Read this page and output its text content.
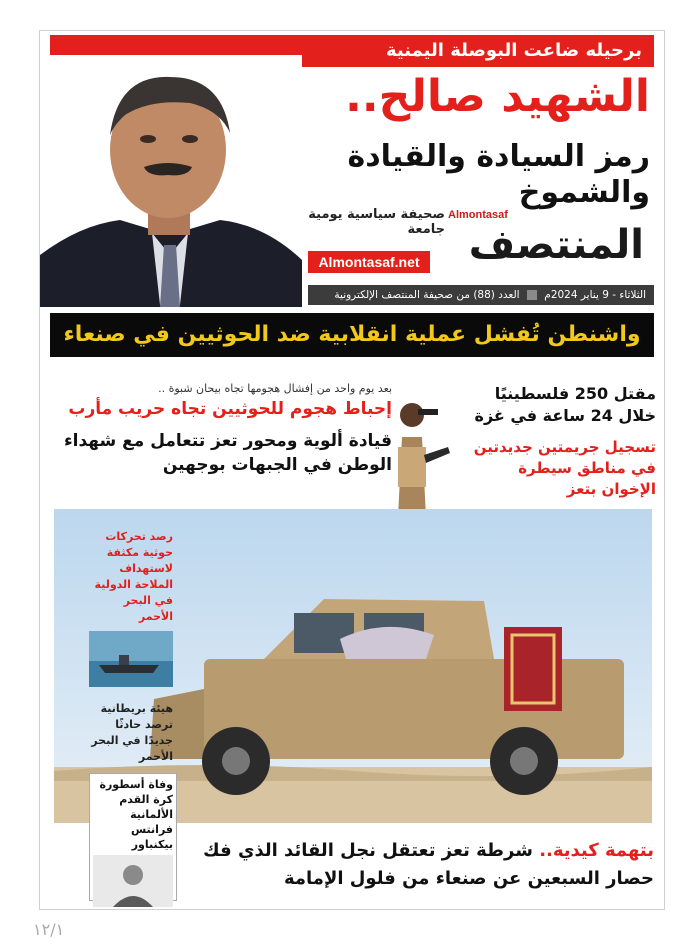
برحيله ضاعت البوصلة اليمنية
الشهيد صالح..
رمز السيادة والقيادة والشموخ
صحيفة سياسية يومية جامعة
Almontasaf
المنتصف
Almontasaf.net
الثلاثاء - 9 يناير 2024م  العدد (88) من صحيفة المنتصف الإلكترونية
واشنطن تُفشل عملية انقلابية ضد الحوثيين في صنعاء
بعد يوم واحد من إفشال هجومها تجاه بيحان شبوة ..
إحباط هجوم للحوثيين تجاه حريب مأرب
قيادة ألوية ومحور تعز تتعامل مع شهداء الوطن في الجبهات بوجهين
مقتل 250 فلسطينيًا خلال 24 ساعة في غزة
تسجيل جريمتين جديدتين في مناطق سيطرة الإخوان بتعز
رصد تحركات حوثية مكثفة لاستهداف الملاحة الدولية في البحر الأحمر
هيئة بريطانية ترصد حادثًا جديدًا في البحر الأحمر
وفاة أسطورة كرة القدم الألمانية فرانتس بيكنباور	بتهمة كيدية.. شرطة تعز تعتقل نجل القائد الذي فك حصار السبعين عن صنعاء من فلول الإمامة
١٢/١
